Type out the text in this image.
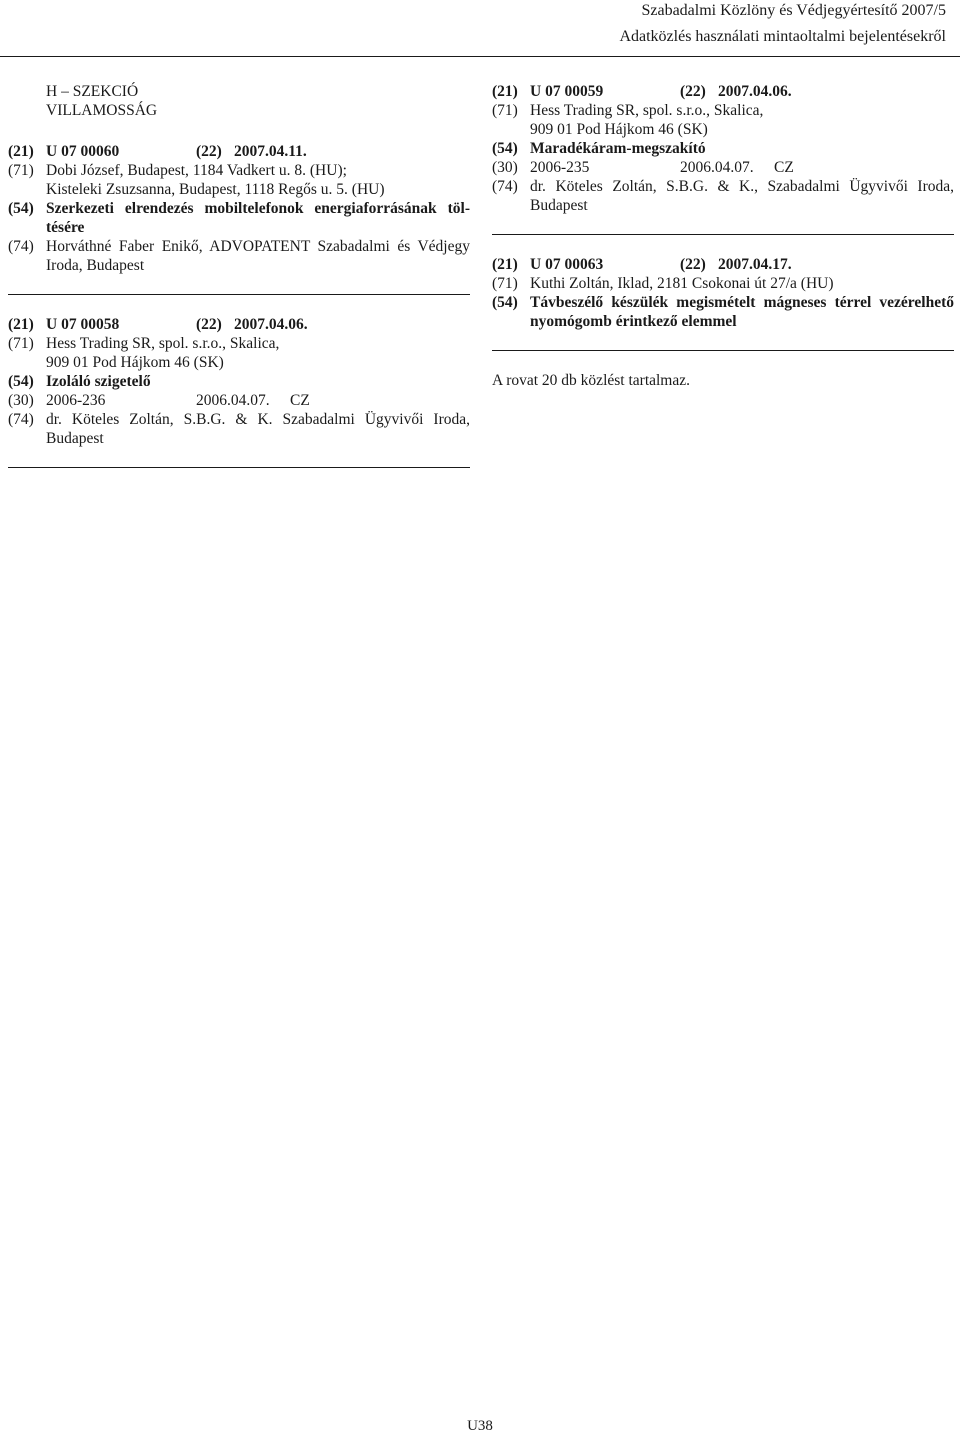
Szabadalmi Közlöny és Védjegyértesítő 2007/5
Adatközlés használati mintaoltalmi bejelentésekről
H – SZEKCIÓ
VILLAMOSSÁG
(21) U 07 00060	(22) 2007.04.11.
(71) Dobi József, Budapest, 1184 Vadkert u. 8. (HU);
Kisteleki Zsuzsanna, Budapest, 1118 Regős u. 5. (HU)
(54) Szerkezeti elrendezés mobiltelefonok energiaforrásának töl-
tésére
(74) Horváthné Faber Enikő, ADVOPATENT Szabadalmi és Védjegy
Iroda, Budapest
(21) U 07 00058	(22) 2007.04.06.
(71) Hess Trading SR, spol. s.r.o., Skalica,
909 01 Pod Hájkom 46 (SK)
(54) Izoláló szigetelő
(30) 2006-236	2006.04.07.	CZ
(74) dr. Köteles Zoltán, S.B.G. & K. Szabadalmi Ügyvivői Iroda,
Budapest
(21) U 07 00059	(22) 2007.04.06.
(71) Hess Trading SR, spol. s.r.o., Skalica,
909 01 Pod Hájkom 46 (SK)
(54) Maradékáram-megszakító
(30) 2006-235	2006.04.07.	CZ
(74) dr. Köteles Zoltán, S.B.G. & K., Szabadalmi Ügyvivői Iroda,
Budapest
(21) U 07 00063	(22) 2007.04.17.
(71) Kuthi Zoltán, Iklad, 2181 Csokonai út 27/a (HU)
(54) Távbeszélő készülék megismételt mágneses térrel vezérelhető
nyomógomb érintkező elemmel
A rovat 20 db közlést tartalmaz.
U38
